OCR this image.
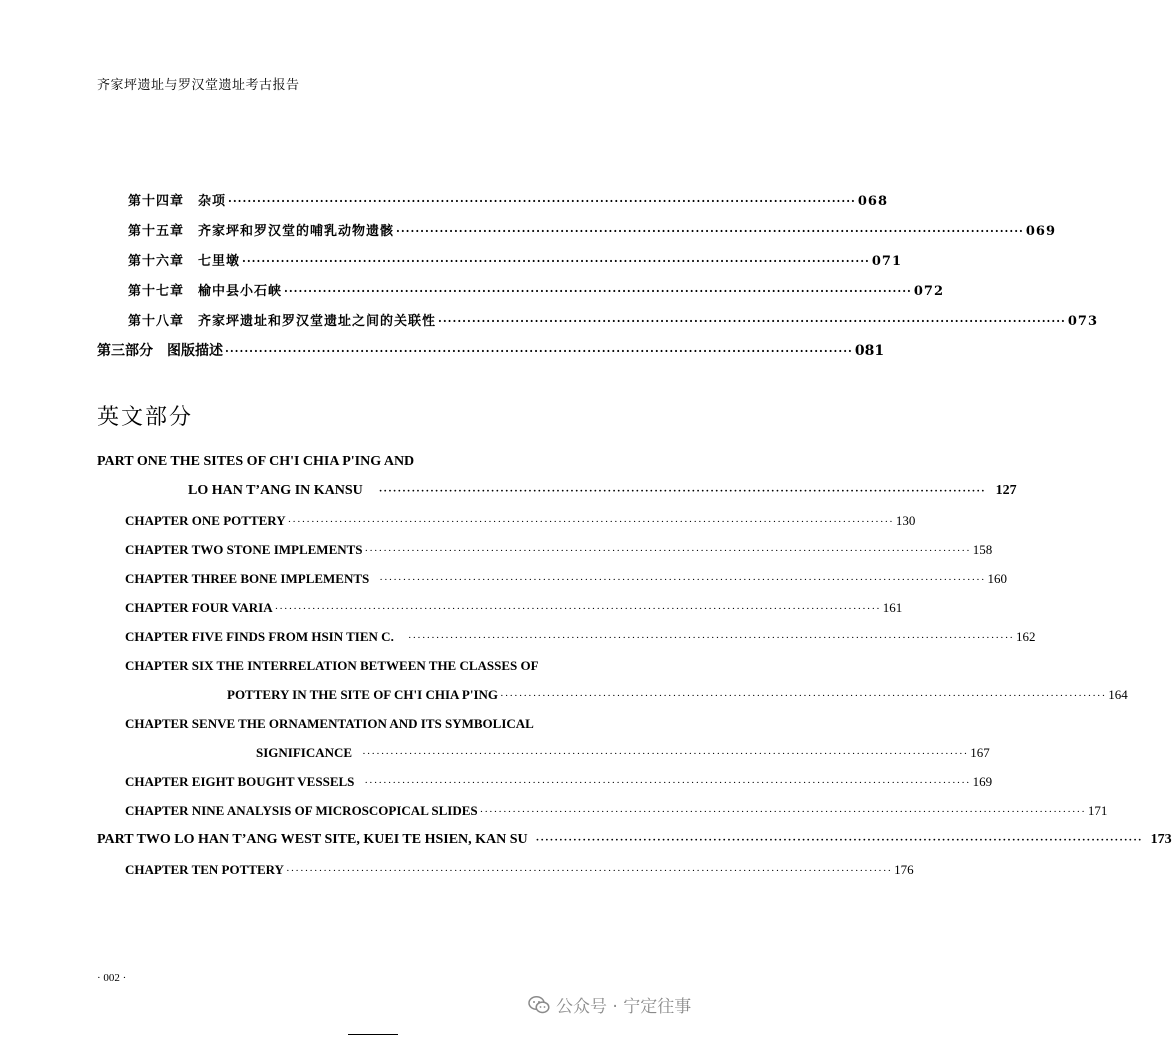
齐家坪遗址与罗汉堂遗址考古报告
第十四章　杂项 ·································································································································· 068
第十五章　齐家坪和罗汉堂的哺乳动物遗骸 ·································································································································· 069
第十六章　七里墩 ·································································································································· 071
第十七章　榆中县小石峡 ·································································································································· 072
第十八章　齐家坪遗址和罗汉堂遗址之间的关联性 ·································································································································· 073
第三部分　图版描述 ·································································································································· 081
英文部分
PART ONE THE SITES OF CH'I CHIA P'ING AND
LO HAN T’ANG IN KANSU ·································································································································· 127
CHAPTER ONE POTTERY ·································································································································· 130
CHAPTER TWO STONE IMPLEMENTS ·································································································································· 158
CHAPTER THREE BONE IMPLEMENTS ·································································································································· 160
CHAPTER FOUR VARIA ·································································································································· 161
CHAPTER FIVE FINDS FROM HSIN TIEN C. ·································································································································· 162
CHAPTER SIX THE INTERRELATION BETWEEN THE CLASSES OF
POTTERY IN THE SITE OF CH'I CHIA P'ING ·································································································································· 164
CHAPTER SENVE THE ORNAMENTATION AND ITS SYMBOLICAL
SIGNIFICANCE ·································································································································· 167
CHAPTER EIGHT BOUGHT VESSELS ·································································································································· 169
CHAPTER NINE ANALYSIS OF MICROSCOPICAL SLIDES ·································································································································· 171
PART TWO LO HAN T’ANG WEST SITE, KUEI TE HSIEN, KAN SU ·································································································································· 173
CHAPTER TEN POTTERY ·································································································································· 176
· 002 ·
公众号 · 宁定往事
